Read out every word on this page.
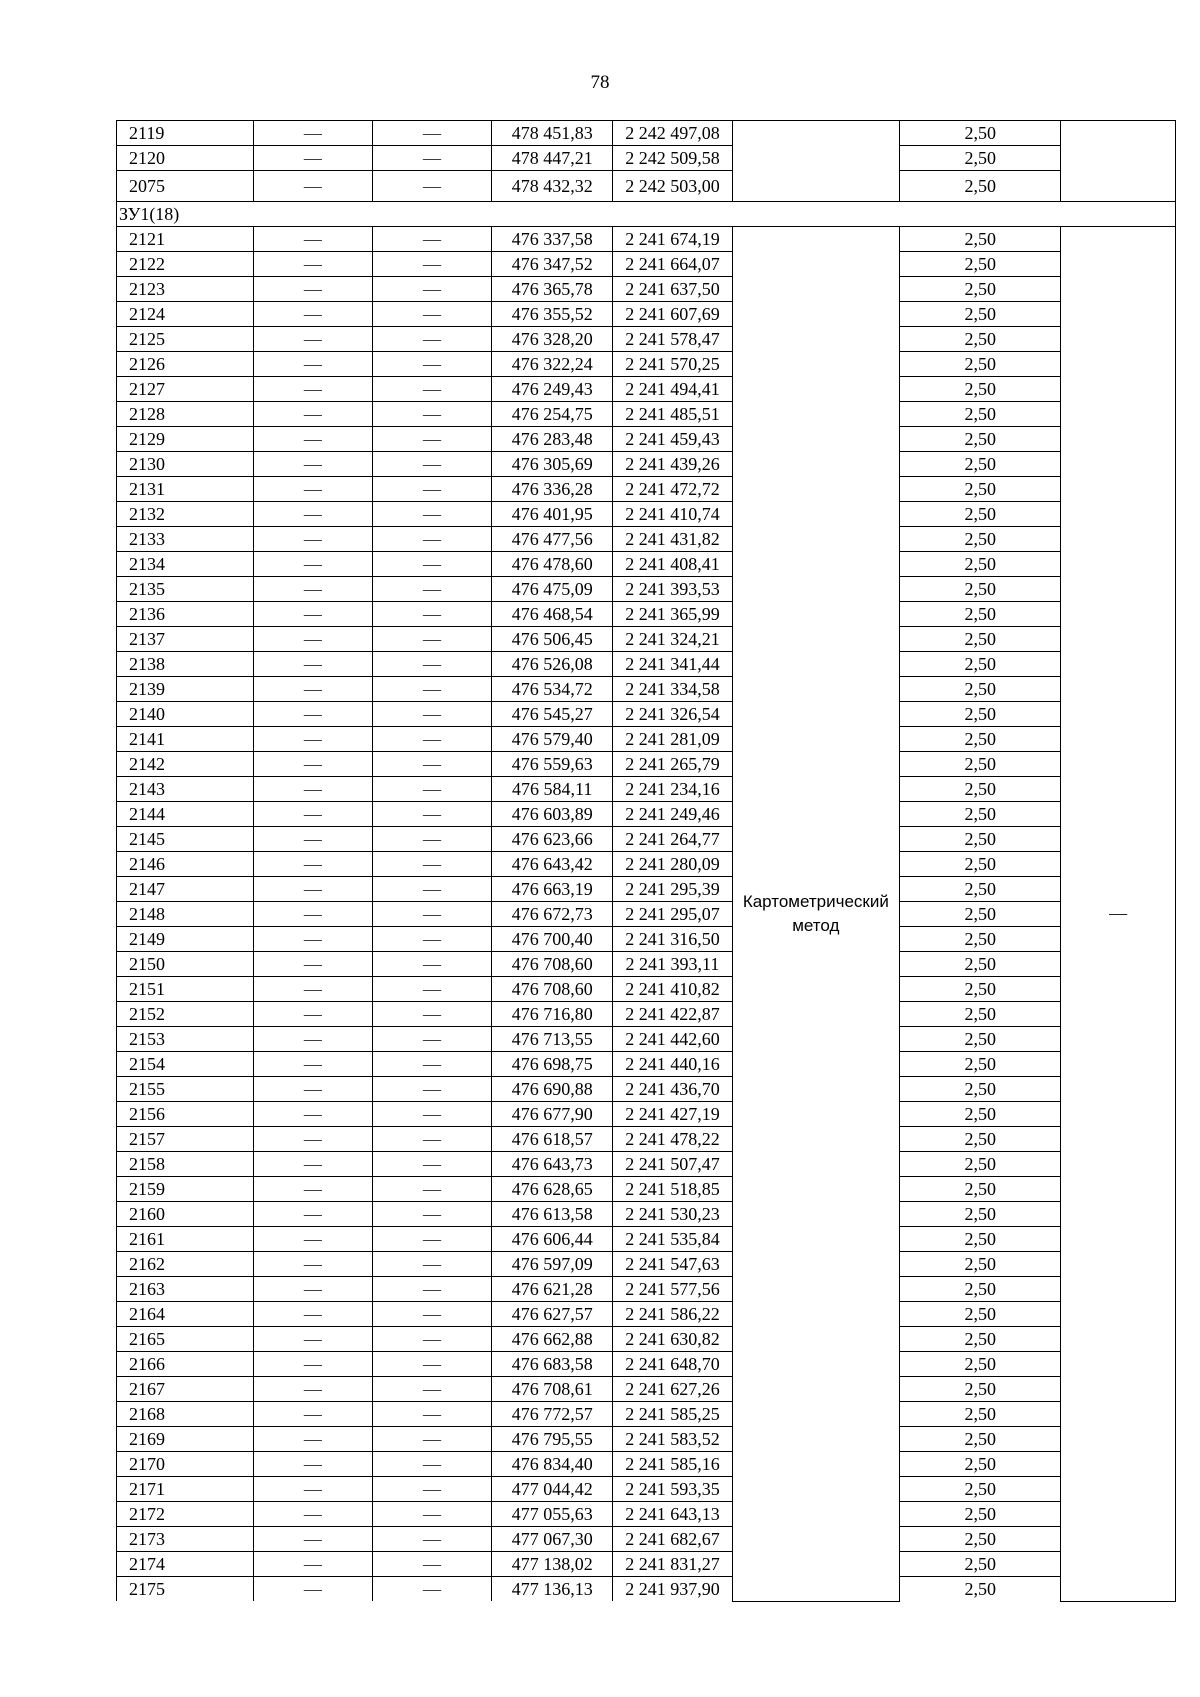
78
2119	—	—	478 451,83	2 242 497,08		2,50	
2120	—	—	478 447,21	2 242 509,58		2,50	
2075	—	—	478 432,32	2 242 503,00		2,50	
ЗУ1(18)							
2121	—	—	476 337,58	2 241 674,19	Картометрический метод	2,50	—
2122	—	—	476 347,52	2 241 664,07		2,50	
2123	—	—	476 365,78	2 241 637,50		2,50	
2124	—	—	476 355,52	2 241 607,69		2,50	
2125	—	—	476 328,20	2 241 578,47		2,50	
2126	—	—	476 322,24	2 241 570,25		2,50	
2127	—	—	476 249,43	2 241 494,41		2,50	
2128	—	—	476 254,75	2 241 485,51		2,50	
2129	—	—	476 283,48	2 241 459,43		2,50	
2130	—	—	476 305,69	2 241 439,26		2,50	
2131	—	—	476 336,28	2 241 472,72		2,50	
2132	—	—	476 401,95	2 241 410,74		2,50	
2133	—	—	476 477,56	2 241 431,82		2,50	
2134	—	—	476 478,60	2 241 408,41		2,50	
2135	—	—	476 475,09	2 241 393,53		2,50	
2136	—	—	476 468,54	2 241 365,99		2,50	
2137	—	—	476 506,45	2 241 324,21		2,50	
2138	—	—	476 526,08	2 241 341,44		2,50	
2139	—	—	476 534,72	2 241 334,58		2,50	
2140	—	—	476 545,27	2 241 326,54		2,50	
2141	—	—	476 579,40	2 241 281,09		2,50	
2142	—	—	476 559,63	2 241 265,79		2,50	
2143	—	—	476 584,11	2 241 234,16		2,50	
2144	—	—	476 603,89	2 241 249,46		2,50	
2145	—	—	476 623,66	2 241 264,77		2,50	
2146	—	—	476 643,42	2 241 280,09		2,50	
2147	—	—	476 663,19	2 241 295,39		2,50	
2148	—	—	476 672,73	2 241 295,07		2,50	
2149	—	—	476 700,40	2 241 316,50		2,50	
2150	—	—	476 708,60	2 241 393,11		2,50	
2151	—	—	476 708,60	2 241 410,82		2,50	
2152	—	—	476 716,80	2 241 422,87		2,50	
2153	—	—	476 713,55	2 241 442,60		2,50	
2154	—	—	476 698,75	2 241 440,16		2,50	
2155	—	—	476 690,88	2 241 436,70		2,50	
2156	—	—	476 677,90	2 241 427,19		2,50	
2157	—	—	476 618,57	2 241 478,22		2,50	
2158	—	—	476 643,73	2 241 507,47		2,50	
2159	—	—	476 628,65	2 241 518,85		2,50	
2160	—	—	476 613,58	2 241 530,23		2,50	
2161	—	—	476 606,44	2 241 535,84		2,50	
2162	—	—	476 597,09	2 241 547,63		2,50	
2163	—	—	476 621,28	2 241 577,56		2,50	
2164	—	—	476 627,57	2 241 586,22		2,50	
2165	—	—	476 662,88	2 241 630,82		2,50	
2166	—	—	476 683,58	2 241 648,70		2,50	
2167	—	—	476 708,61	2 241 627,26		2,50	
2168	—	—	476 772,57	2 241 585,25		2,50	
2169	—	—	476 795,55	2 241 583,52		2,50	
2170	—	—	476 834,40	2 241 585,16		2,50	
2171	—	—	477 044,42	2 241 593,35		2,50	
2172	—	—	477 055,63	2 241 643,13		2,50	
2173	—	—	477 067,30	2 241 682,67		2,50	
2174	—	—	477 138,02	2 241 831,27		2,50	
2175	—	—	477 136,13	2 241 937,90		2,50	
